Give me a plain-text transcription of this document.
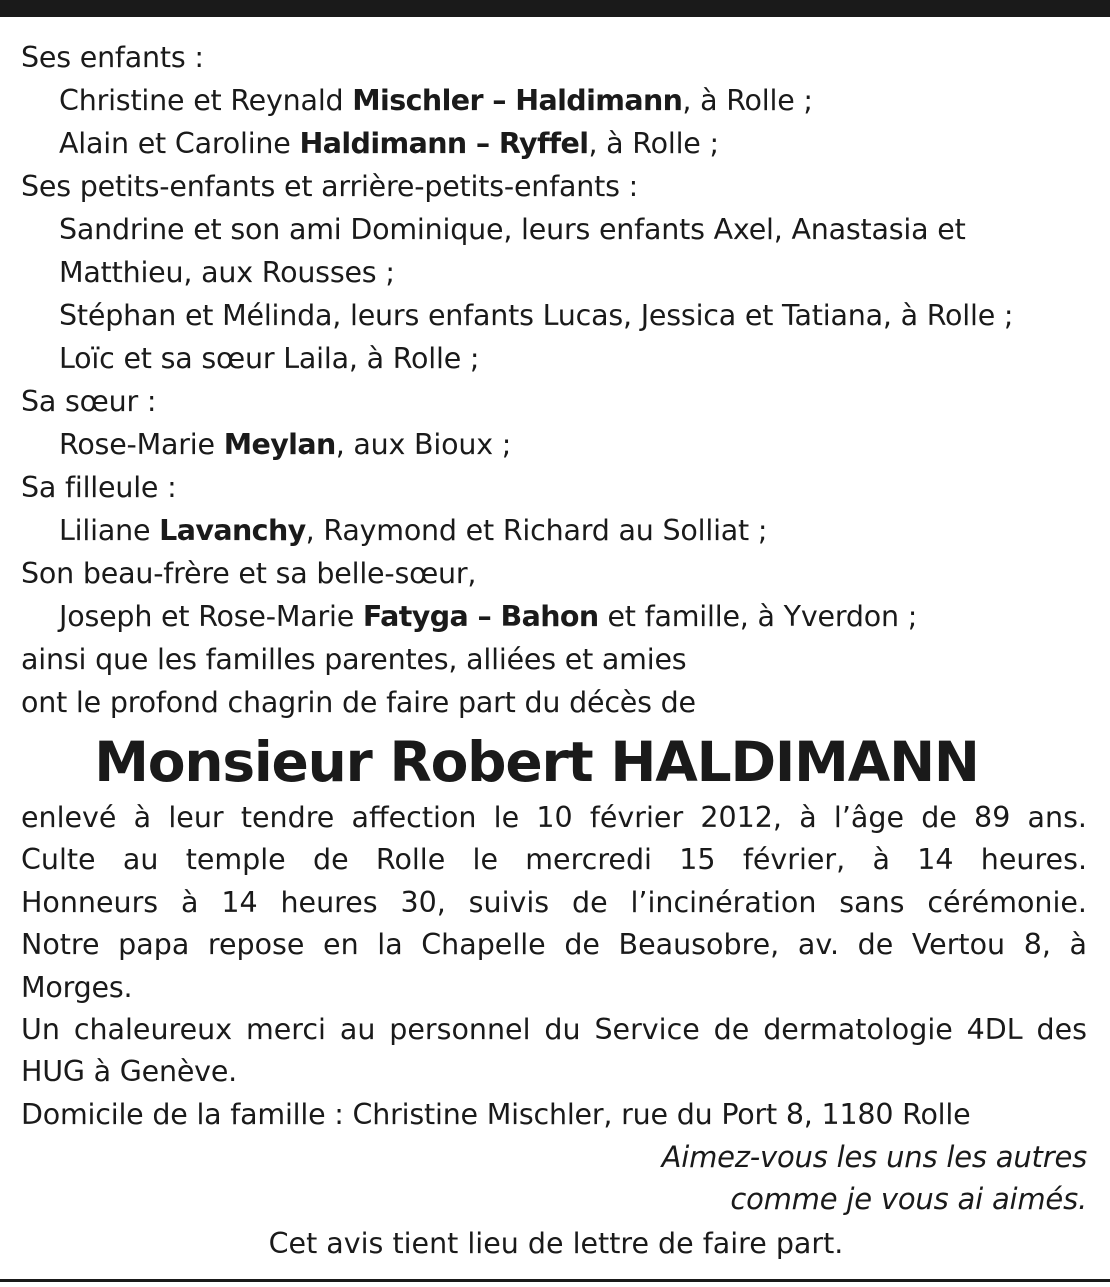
Ses enfants :
Christine et Reynald Mischler – Haldimann, à Rolle ;
Alain et Caroline Haldimann – Ryffel, à Rolle ;
Ses petits-enfants et arrière-petits-enfants :
Sandrine et son ami Dominique, leurs enfants Axel, Anastasia et
Matthieu, aux Rousses ;
Stéphan et Mélinda, leurs enfants Lucas, Jessica et Tatiana, à Rolle ;
Loïc et sa sœur Laila, à Rolle ;
Sa sœur :
Rose-Marie Meylan, aux Bioux ;
Sa filleule :
Liliane Lavanchy, Raymond et Richard au Solliat ;
Son beau-frère et sa belle-sœur,
Joseph et Rose-Marie Fatyga – Bahon et famille, à Yverdon ;
ainsi que les familles parentes, alliées et amies
ont le profond chagrin de faire part du décès de
Monsieur Robert HALDIMANN
enlevé à leur tendre affection le 10 février 2012, à l’âge de 89 ans.
Culte au temple de Rolle le mercredi 15 février, à 14 heures.
Honneurs à 14 heures 30, suivis de l’incinération sans cérémonie.
Notre papa repose en la Chapelle de Beausobre, av. de Vertou 8, à
Morges.
Un chaleureux merci au personnel du Service de dermatologie 4DL des
HUG à Genève.
Domicile de la famille : Christine Mischler, rue du Port 8, 1180 Rolle
Aimez-vous les uns les autres
comme je vous ai aimés.
Cet avis tient lieu de lettre de faire part.
